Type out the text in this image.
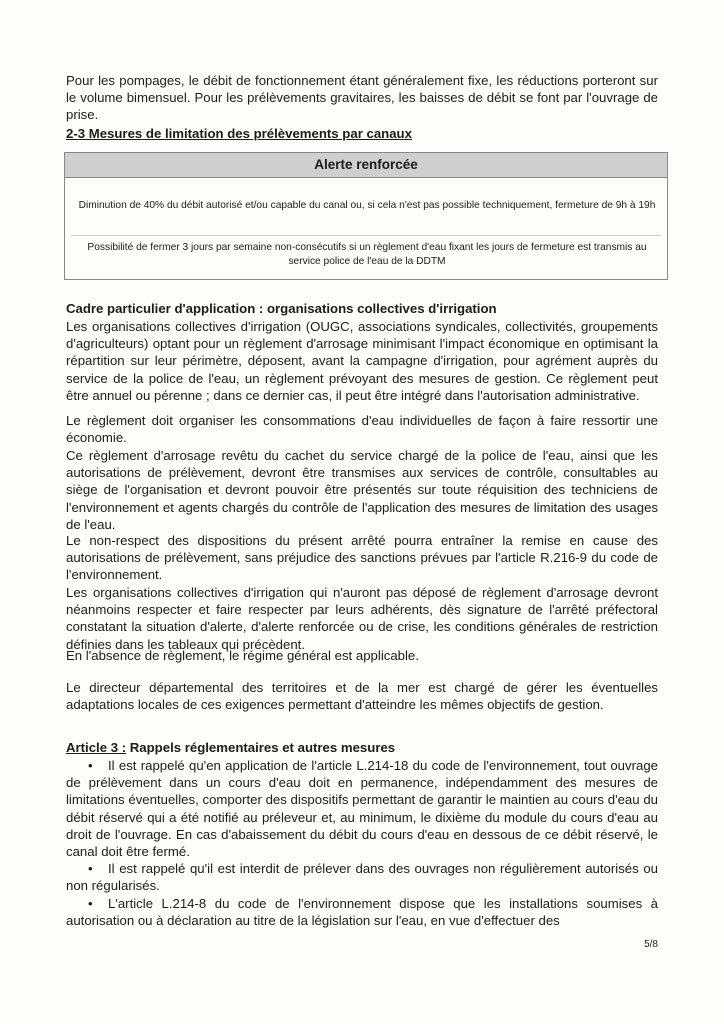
Pour les pompages, le débit de fonctionnement étant généralement fixe, les réductions porteront sur le volume bimensuel. Pour les prélèvements gravitaires, les baisses de débit se font par l'ouvrage de prise.

2-3 Mesures de limitation des prélèvements par canaux

Alerte renforcée
Diminution de 40% du débit autorisé et/ou capable du canal ou, si cela n'est pas possible techniquement, fermeture de 9h à 19h
Possibilité de fermer 3 jours par semaine non-consécutifs si un règlement d'eau fixant les jours de fermeture est transmis au service police de l'eau de la DDTM

Cadre particulier d'application : organisations collectives d'irrigation

Les organisations collectives d'irrigation (OUGC, associations syndicales, collectivités, groupements d'agriculteurs) optant pour un règlement d'arrosage minimisant l'impact économique en optimisant la répartition sur leur périmètre, déposent, avant la campagne d'irrigation, pour agrément auprès du service de la police de l'eau, un règlement prévoyant des mesures de gestion. Ce règlement peut être annuel ou pérenne ; dans ce dernier cas, il peut être intégré dans l'autorisation administrative.

Le règlement doit organiser les consommations d'eau individuelles de façon à faire ressortir une économie.

Ce règlement d'arrosage revêtu du cachet du service chargé de la police de l'eau, ainsi que les autorisations de prélèvement, devront être transmises aux services de contrôle, consultables au siège de l'organisation et devront pouvoir être présentés sur toute réquisition des techniciens de l'environnement et agents chargés du contrôle de l'application des mesures de limitation des usages de l'eau.

Le non-respect des dispositions du présent arrêté pourra entraîner la remise en cause des autorisations de prélèvement, sans préjudice des sanctions prévues par l'article R.216-9 du code de l'environnement.

Les organisations collectives d'irrigation qui n'auront pas déposé de règlement d'arrosage devront néanmoins respecter et faire respecter par leurs adhérents, dès signature de l'arrêté préfectoral constatant la situation d'alerte, d'alerte renforcée ou de crise, les conditions générales de restriction définies dans les tableaux qui précèdent.

En l'absence de règlement, le régime général est applicable.

Le directeur départemental des territoires et de la mer est chargé de gérer les éventuelles adaptations locales de ces exigences permettant d'atteindre les mêmes objectifs de gestion.

Article 3 : Rappels réglementaires et autres mesures

• Il est rappelé qu'en application de l'article L.214-18 du code de l'environnement, tout ouvrage de prélèvement dans un cours d'eau doit en permanence, indépendamment des mesures de limitations éventuelles, comporter des dispositifs permettant de garantir le maintien au cours d'eau du débit réservé qui a été notifié au préleveur et, au minimum, le dixième du module du cours d'eau au droit de l'ouvrage. En cas d'abaissement du débit du cours d'eau en dessous de ce débit réservé, le canal doit être fermé.
• Il est rappelé qu'il est interdit de prélever dans des ouvrages non régulièrement autorisés ou non régularisés.
• L'article L.214-8 du code de l'environnement dispose que les installations soumises à autorisation ou à déclaration au titre de la législation sur l'eau, en vue d'effectuer des
5/8
